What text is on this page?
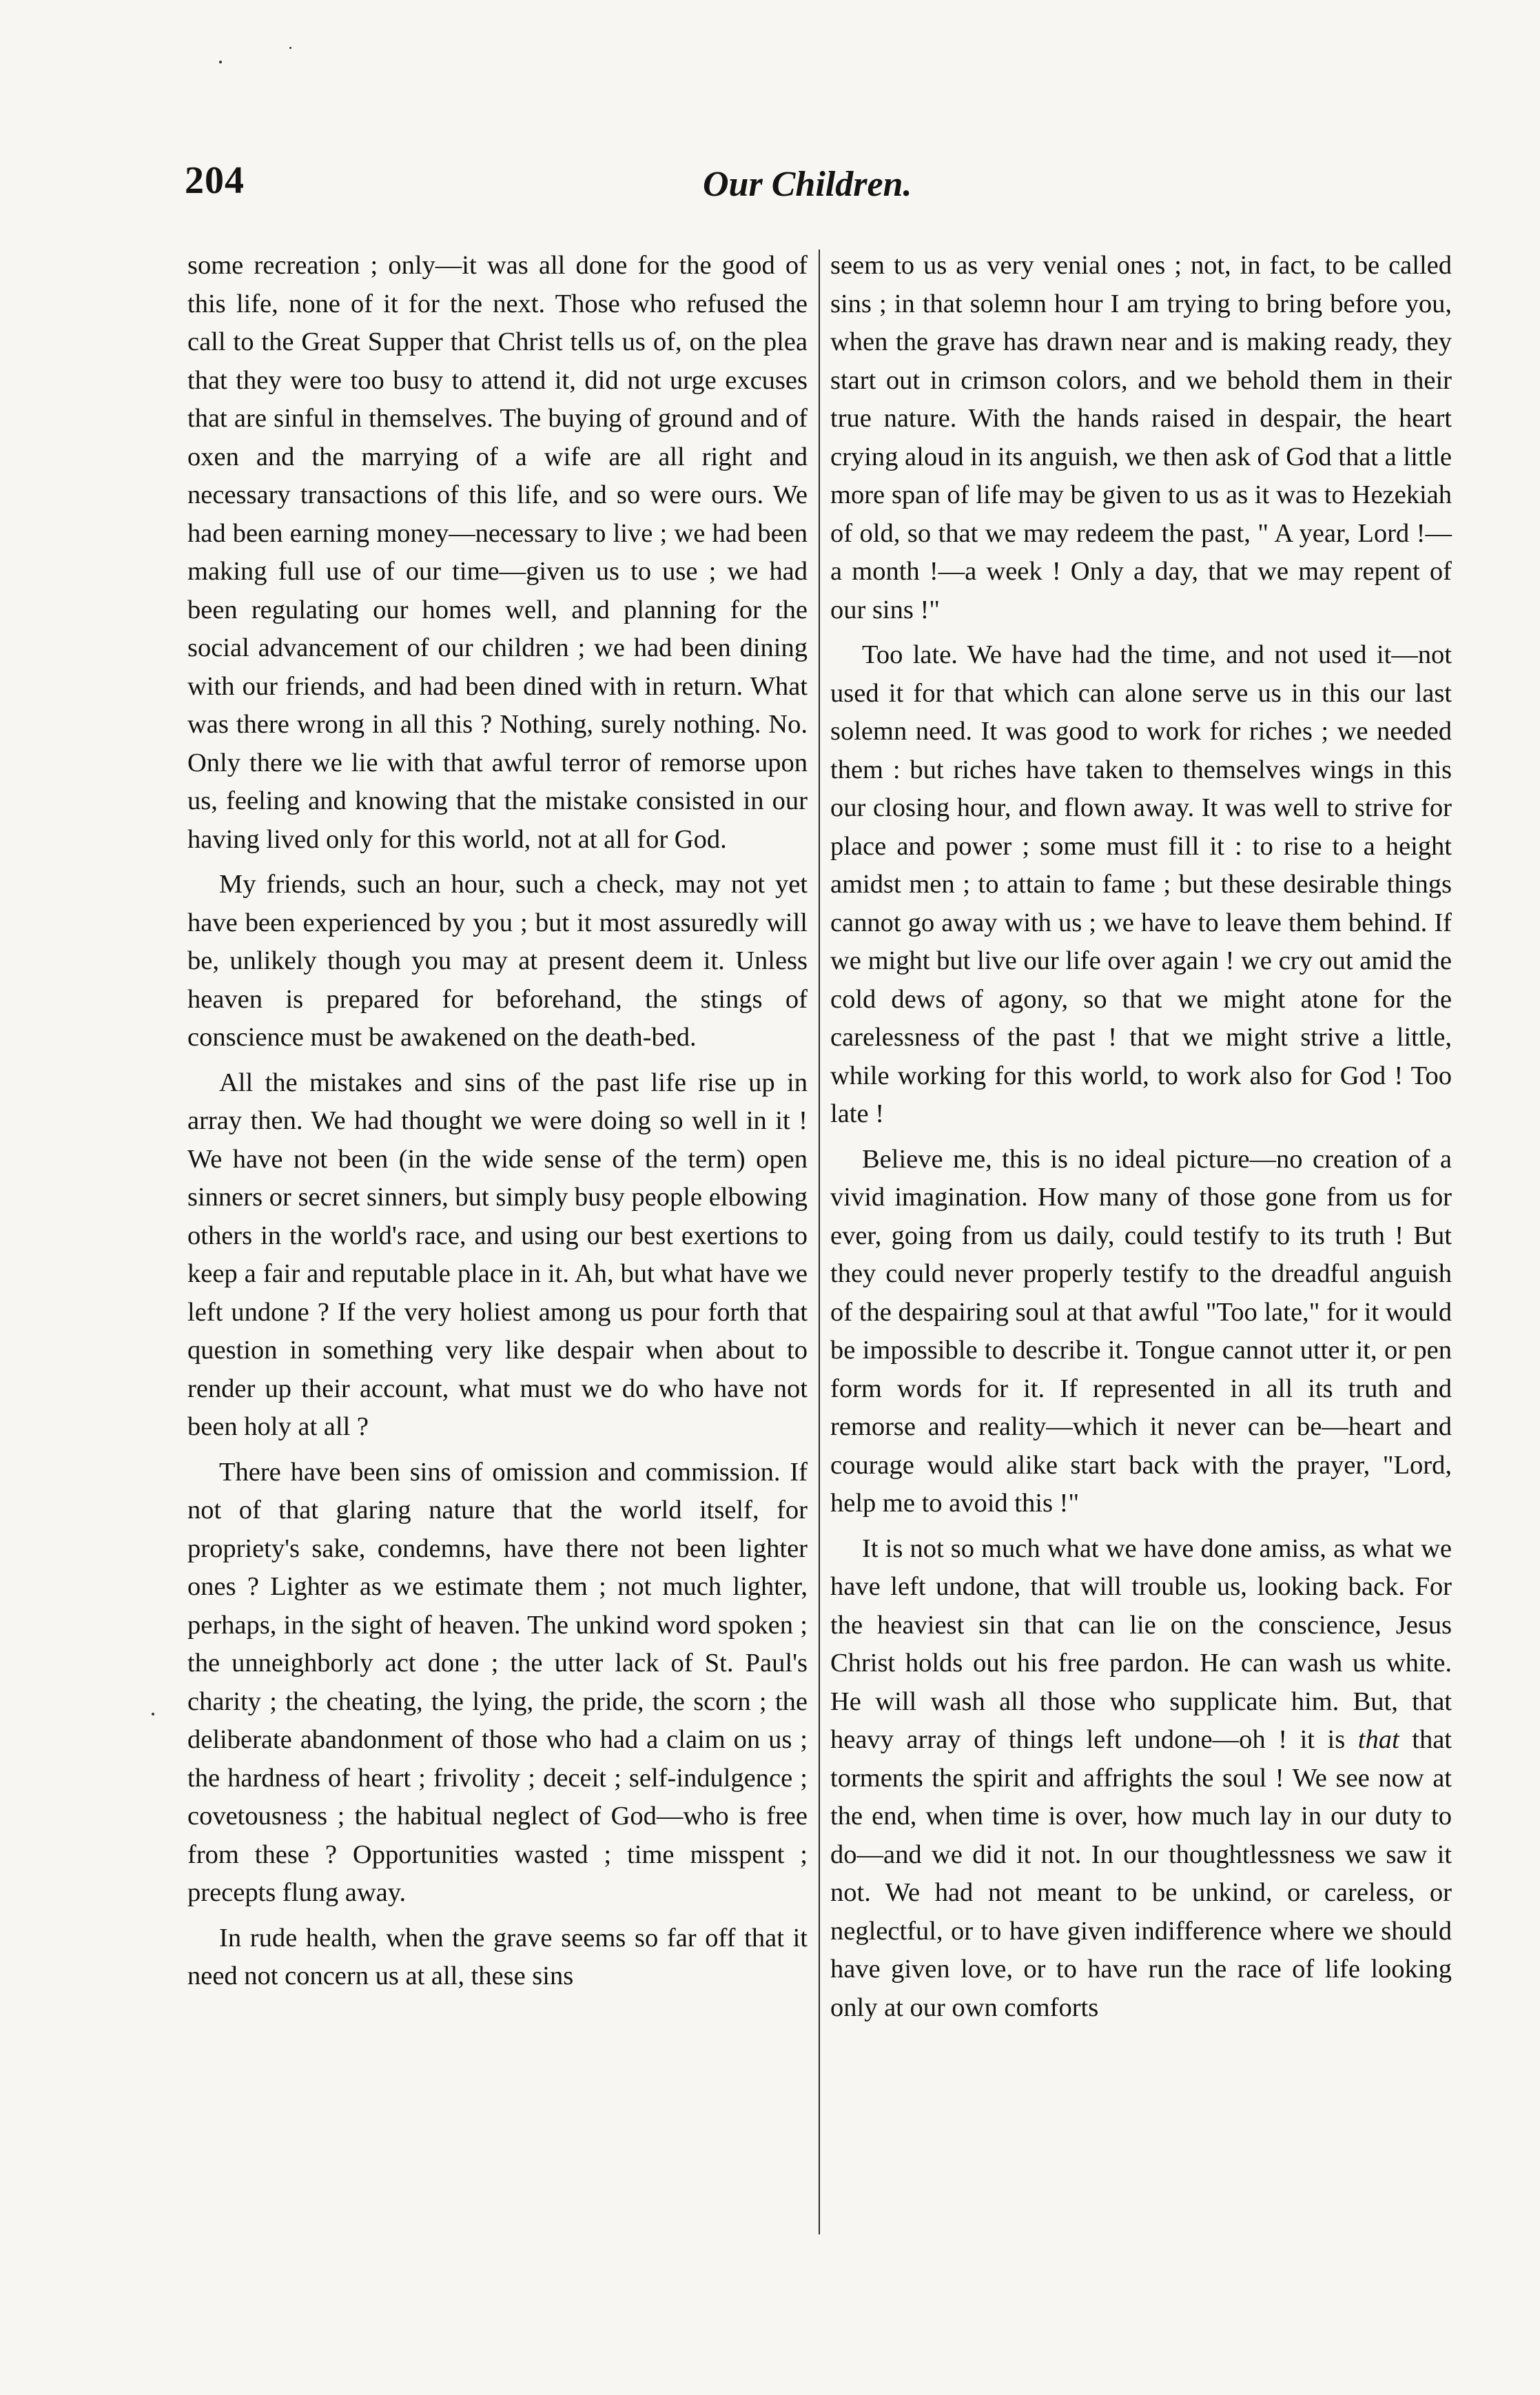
204	Our Children.

some recreation ; only—it was all done for the good of this life, none of it for the next. Those who refused the call to the Great Supper that Christ tells us of, on the plea that they were too busy to attend it, did not urge excuses that are sinful in themselves. The buying of ground and of oxen and the marrying of a wife are all right and necessary transactions of this life, and so were ours. We had been earning money—necessary to live ; we had been making full use of our time—given us to use ; we had been regulating our homes well, and planning for the social advancement of our children ; we had been dining with our friends, and had been dined with in return. What was there wrong in all this ? Nothing, surely nothing. No. Only there we lie with that awful terror of remorse upon us, feeling and knowing that the mistake consisted in our having lived only for this world, not at all for God.

My friends, such an hour, such a check, may not yet have been experienced by you ; but it most assuredly will be, unlikely though you may at present deem it. Unless heaven is prepared for beforehand, the stings of conscience must be awakened on the death-bed.

All the mistakes and sins of the past life rise up in array then. We had thought we were doing so well in it ! We have not been (in the wide sense of the term) open sinners or secret sinners, but simply busy people elbowing others in the world's race, and using our best exertions to keep a fair and reputable place in it. Ah, but what have we left undone ? If the very holiest among us pour forth that question in something very like despair when about to render up their account, what must we do who have not been holy at all ?

There have been sins of omission and commission. If not of that glaring nature that the world itself, for propriety's sake, condemns, have there not been lighter ones ? Lighter as we estimate them ; not much lighter, perhaps, in the sight of heaven. The unkind word spoken ; the unneighborly act done ; the utter lack of St. Paul's charity ; the cheating, the lying, the pride, the scorn ; the deliberate abandonment of those who had a claim on us ; the hardness of heart ; frivolity ; deceit ; self-indulgence ; covetousness ; the habitual neglect of God—who is free from these ? Opportunities wasted ; time misspent ; precepts flung away.

In rude health, when the grave seems so far off that it need not concern us at all, these sins

seem to us as very venial ones ; not, in fact, to be called sins ; in that solemn hour I am trying to bring before you, when the grave has drawn near and is making ready, they start out in crimson colors, and we behold them in their true nature. With the hands raised in despair, the heart crying aloud in its anguish, we then ask of God that a little more span of life may be given to us as it was to Hezekiah of old, so that we may redeem the past, " A year, Lord !—a month !—a week ! Only a day, that we may repent of our sins !"

Too late. We have had the time, and not used it—not used it for that which can alone serve us in this our last solemn need. It was good to work for riches ; we needed them : but riches have taken to themselves wings in this our closing hour, and flown away. It was well to strive for place and power ; some must fill it : to rise to a height amidst men ; to attain to fame ; but these desirable things cannot go away with us ; we have to leave them behind. If we might but live our life over again ! we cry out amid the cold dews of agony, so that we might atone for the carelessness of the past ! that we might strive a little, while working for this world, to work also for God ! Too late !

Believe me, this is no ideal picture—no creation of a vivid imagination. How many of those gone from us for ever, going from us daily, could testify to its truth ! But they could never properly testify to the dreadful anguish of the despairing soul at that awful "Too late," for it would be impossible to describe it. Tongue cannot utter it, or pen form words for it. If represented in all its truth and remorse and reality—which it never can be—heart and courage would alike start back with the prayer, "Lord, help me to avoid this !"

It is not so much what we have done amiss, as what we have left undone, that will trouble us, looking back. For the heaviest sin that can lie on the conscience, Jesus Christ holds out his free pardon. He can wash us white. He will wash all those who supplicate him. But, that heavy array of things left undone—oh ! it is that that torments the spirit and affrights the soul ! We see now at the end, when time is over, how much lay in our duty to do—and we did it not. In our thoughtlessness we saw it not. We had not meant to be unkind, or careless, or neglectful, or to have given indifference where we should have given love, or to have run the race of life looking only at our own comforts
